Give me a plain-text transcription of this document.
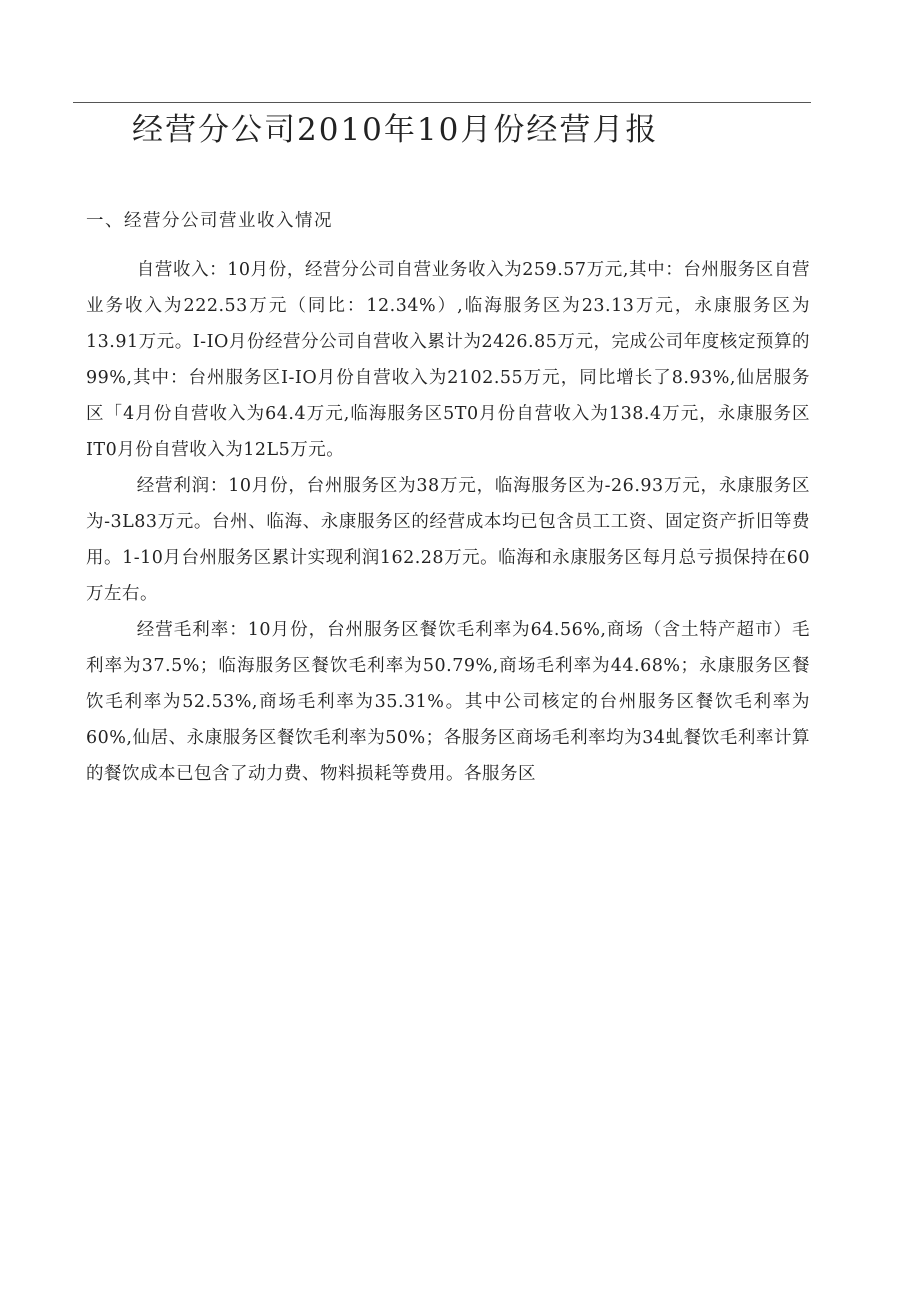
经营分公司2010年10月份经营月报
一、经营分公司营业收入情况

自营收入：10月份，经营分公司自营业务收入为259.57万元,其中：台州服务区自营业务收入为222.53万元（同比：12.34%）,临海服务区为23.13万元，永康服务区为13.91万元。I-IO月份经营分公司自营收入累计为2426.85万元，完成公司年度核定预算的99%,其中：台州服务区I-IO月份自营收入为2102.55万元，同比增长了8.93%,仙居服务区「4月份自营收入为64.4万元,临海服务区5T0月份自营收入为138.4万元，永康服务区IT0月份自营收入为12L5万元。

经营利润：10月份，台州服务区为38万元，临海服务区为-26.93万元，永康服务区为-3L83万元。台州、临海、永康服务区的经营成本均已包含员工工资、固定资产折旧等费用。1-10月台州服务区累计实现利润162.28万元。临海和永康服务区每月总亏损保持在60万左右。

经营毛利率：10月份，台州服务区餐饮毛利率为64.56%,商场（含土特产超市）毛利率为37.5%；临海服务区餐饮毛利率为50.79%,商场毛利率为44.68%；永康服务区餐饮毛利率为52.53%,商场毛利率为35.31%。其中公司核定的台州服务区餐饮毛利率为60%,仙居、永康服务区餐饮毛利率为50%；各服务区商场毛利率均为34虬餐饮毛利率计算的餐饮成本已包含了动力费、物料损耗等费用。各服务区
